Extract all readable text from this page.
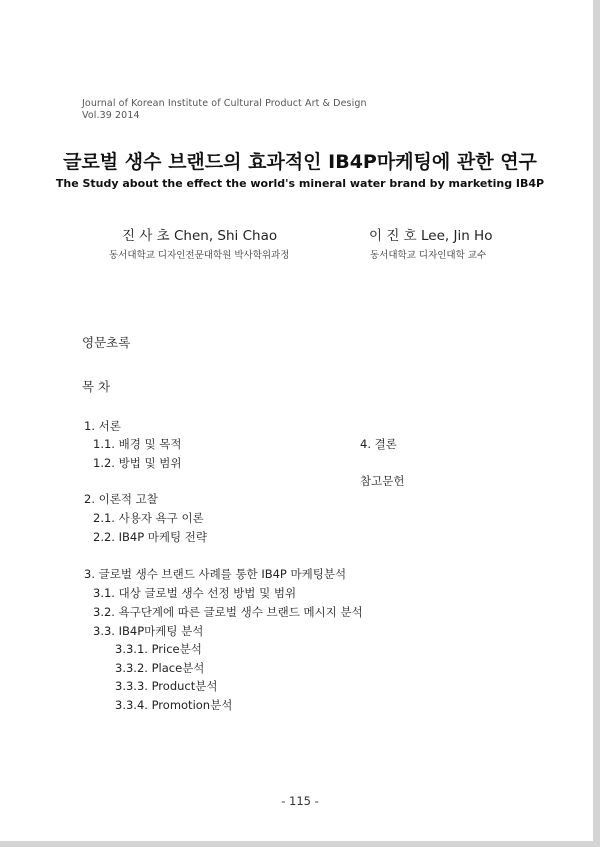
Journal of Korean Institute of Cultural Product Art & Design
Vol.39 2014
글로벌 생수 브랜드의 효과적인 IB4P마케팅에 관한 연구
The Study about the effect the world's mineral water brand by marketing IB4P
진 사 초 Chen, Shi Chao
동서대학교 디자인전문대학원 박사학위과정
이 진 호 Lee, Jin Ho
동서대학교 디자인대학 교수
영문초록
목 차
1. 서론
1.1. 배경 및 목적
1.2. 방법 및 범위
2. 이론적 고찰
2.1. 사용자 욕구 이론
2.2. IB4P 마케팅 전략
3. 글로벌 생수 브랜드 사례를 통한 IB4P 마케팅분석
3.1. 대상 글로벌 생수 선정 방법 및 범위
3.2. 욕구단계에 따른 글로벌 생수 브랜드 메시지 분석
3.3. IB4P마케팅 분석
3.3.1. Price분석
3.3.2. Place분석
3.3.3. Product분석
3.3.4. Promotion분석
4. 결론
참고문헌
- 115 -
